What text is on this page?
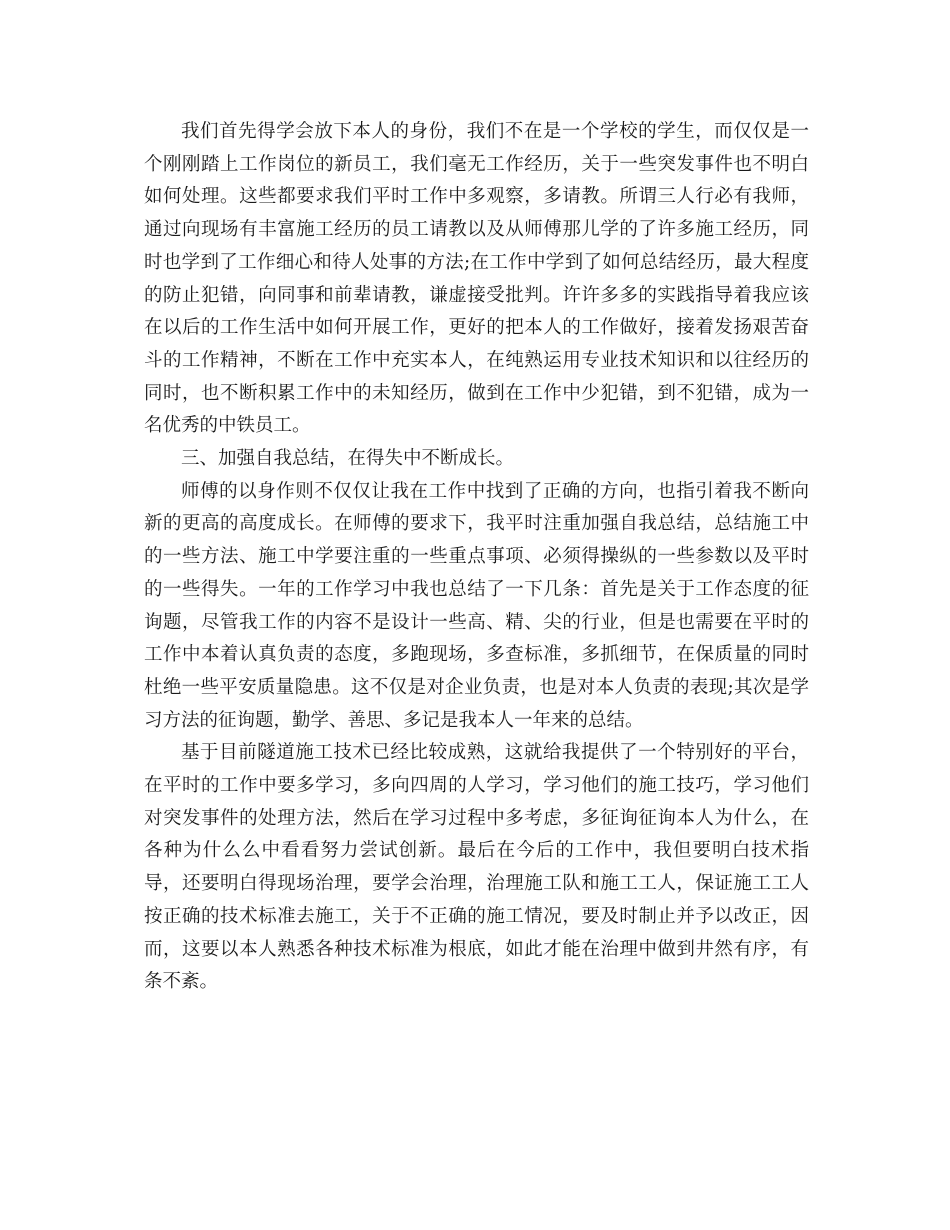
我们首先得学会放下本人的身份，我们不在是一个学校的学生，而仅仅是一个刚刚踏上工作岗位的新员工，我们毫无工作经历，关于一些突发事件也不明白如何处理。这些都要求我们平时工作中多观察，多请教。所谓三人行必有我师，通过向现场有丰富施工经历的员工请教以及从师傅那儿学的了许多施工经历，同时也学到了工作细心和待人处事的方法;在工作中学到了如何总结经历，最大程度的防止犯错，向同事和前辈请教，谦虚接受批判。许许多多的实践指导着我应该在以后的工作生活中如何开展工作，更好的把本人的工作做好，接着发扬艰苦奋斗的工作精神，不断在工作中充实本人，在纯熟运用专业技术知识和以往经历的同时，也不断积累工作中的未知经历，做到在工作中少犯错，到不犯错，成为一名优秀的中铁员工。

三、加强自我总结，在得失中不断成长。

师傅的以身作则不仅仅让我在工作中找到了正确的方向，也指引着我不断向新的更高的高度成长。在师傅的要求下，我平时注重加强自我总结，总结施工中的一些方法、施工中学要注重的一些重点事项、必须得操纵的一些参数以及平时的一些得失。一年的工作学习中我也总结了一下几条：首先是关于工作态度的征询题，尽管我工作的内容不是设计一些高、精、尖的行业，但是也需要在平时的工作中本着认真负责的态度，多跑现场，多查标准，多抓细节，在保质量的同时杜绝一些平安质量隐患。这不仅是对企业负责，也是对本人负责的表现;其次是学习方法的征询题，勤学、善思、多记是我本人一年来的总结。

基于目前隧道施工技术已经比较成熟，这就给我提供了一个特别好的平台，在平时的工作中要多学习，多向四周的人学习，学习他们的施工技巧，学习他们对突发事件的处理方法，然后在学习过程中多考虑，多征询征询本人为什么，在各种为什么么中看看努力尝试创新。最后在今后的工作中，我但要明白技术指导，还要明白得现场治理，要学会治理，治理施工队和施工工人，保证施工工人按正确的技术标准去施工，关于不正确的施工情况，要及时制止并予以改正，因而，这要以本人熟悉各种技术标准为根底，如此才能在治理中做到井然有序，有条不紊。
